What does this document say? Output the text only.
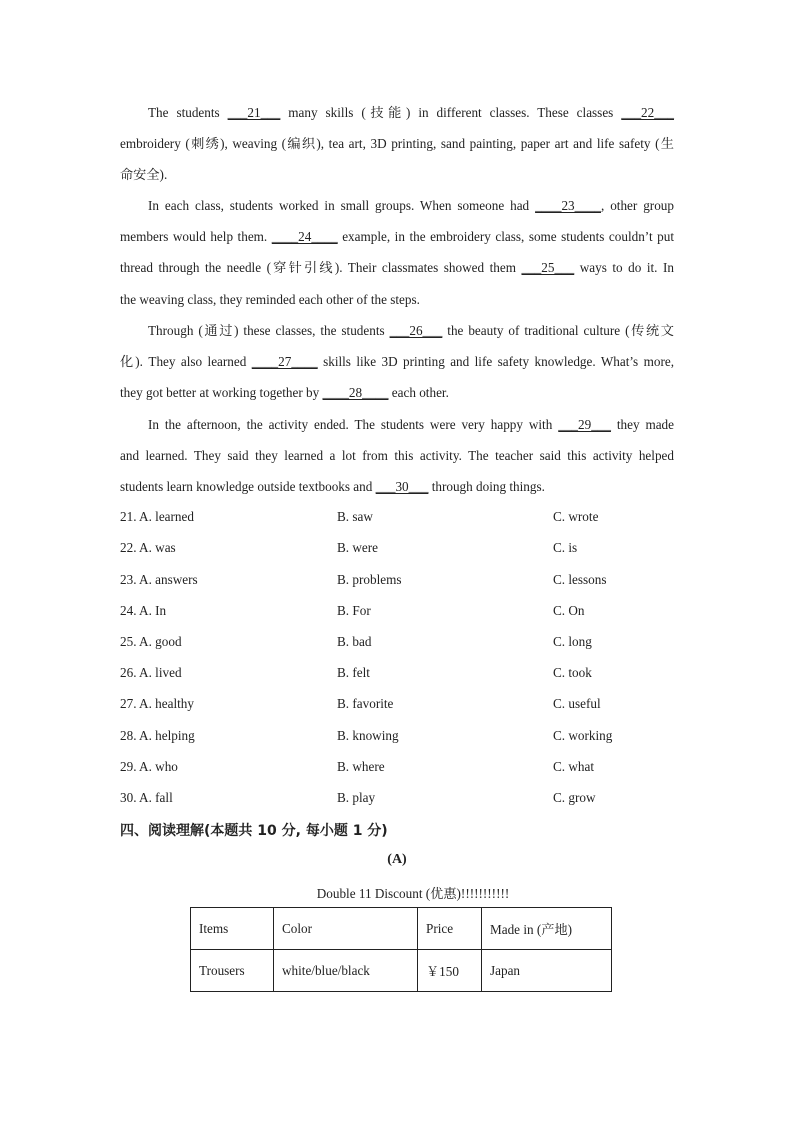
The students ___21___ many skills (技能) in different classes. These classes ___22___
embroidery (刺绣), weaving (编织), tea art, 3D printing, sand painting, paper art and life safety (生
命安全).
In each class, students worked in small groups. When someone had ____23____, other group
members would help them. ____24____ example, in the embroidery class, some students couldn’t put
thread through the needle (穿针引线). Their classmates showed them ___25___ ways to do it. In
the weaving class, they reminded each other of the steps.
Through (通过) these classes, the students ___26___ the beauty of traditional culture (传统文
化). They also learned ____27____ skills like 3D printing and life safety knowledge. What’s more,
they got better at working together by ____28____ each other.
In the afternoon, the activity ended. The students were very happy with ___29___ they made
and learned. They said they learned a lot from this activity. The teacher said this activity helped
students learn knowledge outside textbooks and ___30___ through doing things.
21. A. learned	B. saw	C. wrote
22. A. was	B. were	C. is
23. A. answers	B. problems	C. lessons
24. A. In	B. For	C. On
25. A. good	B. bad	C. long
26. A. lived	B. felt	C. took
27. A. healthy	B. favorite	C. useful
28. A. helping	B. knowing	C. working
29. A. who	B. where	C. what
30. A. fall	B. play	C. grow
四、阅读理解(本题共 10 分, 每小题 1 分)
(A)
Double 11 Discount (优惠)!!!!!!!!!!!
Items	Color	Price	Made in (产地)
Trousers	white/blue/black	￥150	Japan
